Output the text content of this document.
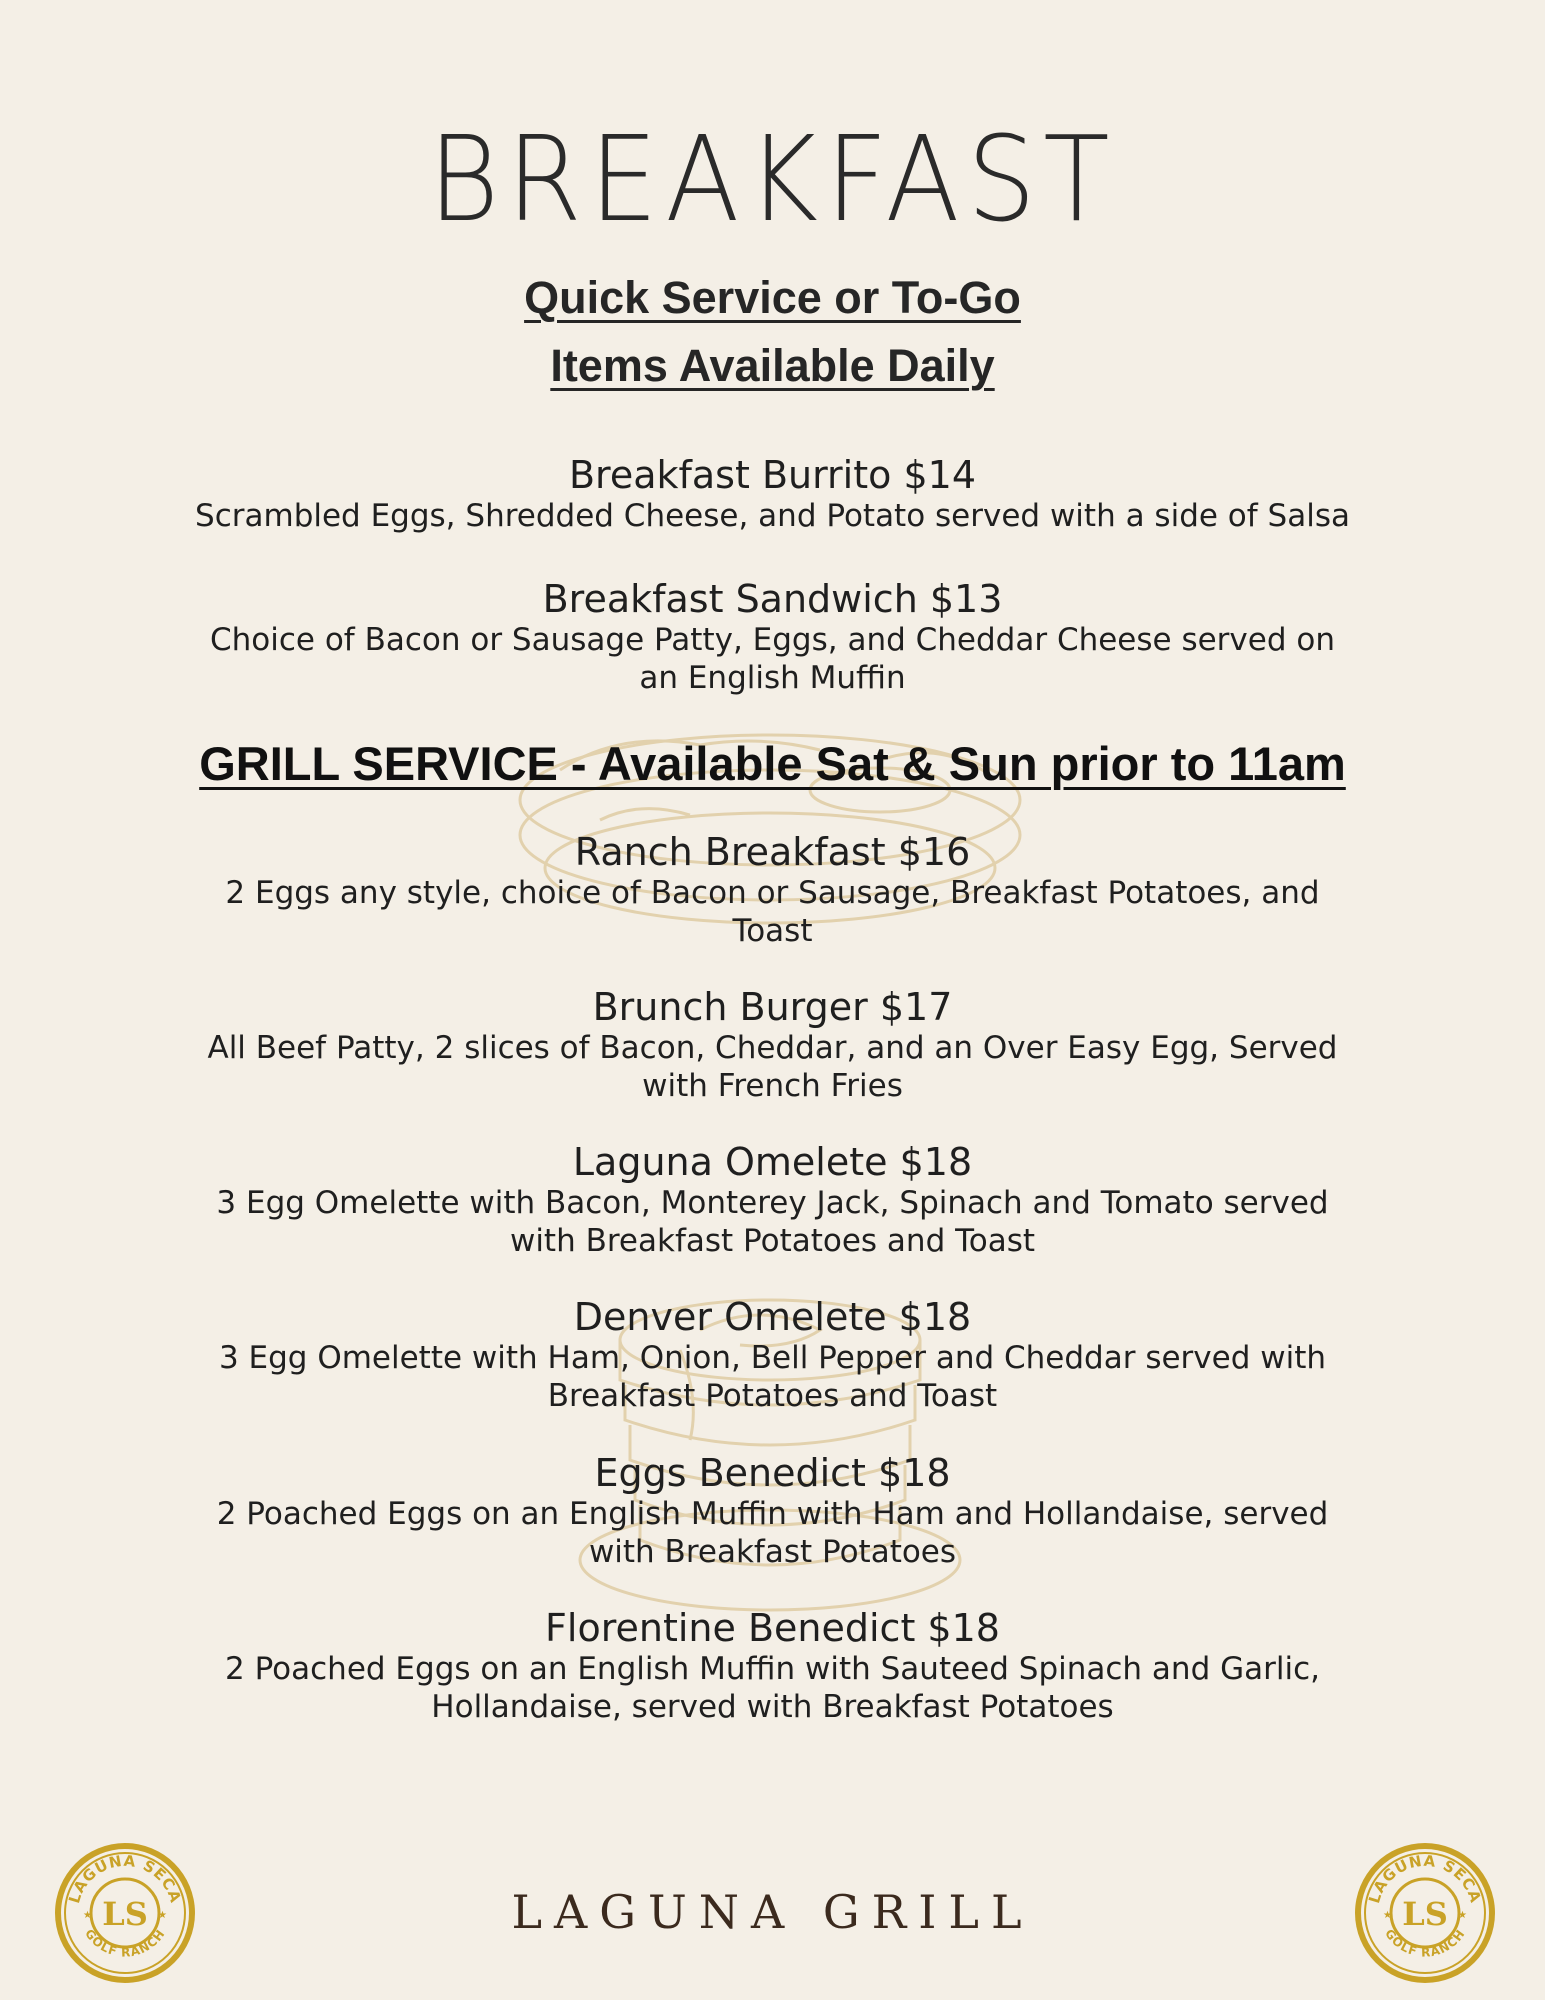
BREAKFAST
Quick Service or To-Go
Items Available Daily
Breakfast Burrito $14
Scrambled Eggs, Shredded Cheese, and Potato served with a side of Salsa
Breakfast Sandwich $13
Choice of Bacon or Sausage Patty, Eggs, and Cheddar Cheese served on an English Muffin
GRILL SERVICE - Available Sat & Sun prior to 11am
Ranch Breakfast $16
2 Eggs any style, choice of Bacon or Sausage, Breakfast Potatoes, and Toast
Brunch Burger $17
All Beef Patty, 2 slices of Bacon, Cheddar, and an Over Easy Egg, Served with French Fries
Laguna Omelete $18
3 Egg Omelette with Bacon, Monterey Jack, Spinach and Tomato served with Breakfast Potatoes and Toast
Denver Omelete $18
3 Egg Omelette with Ham, Onion, Bell Pepper and Cheddar served with Breakfast Potatoes and Toast
Eggs Benedict $18
2 Poached Eggs on an English Muffin with Ham and Hollandaise, served with Breakfast Potatoes
Florentine Benedict $18
2 Poached Eggs on an English Muffin with Sauteed Spinach and Garlic, Hollandaise, served with Breakfast Potatoes
LAGUNA GRILL
LAGUNA SECA
LS
GOLF RANCH
★	★
LAGUNA SECA
LS
GOLF RANCH
★	★
